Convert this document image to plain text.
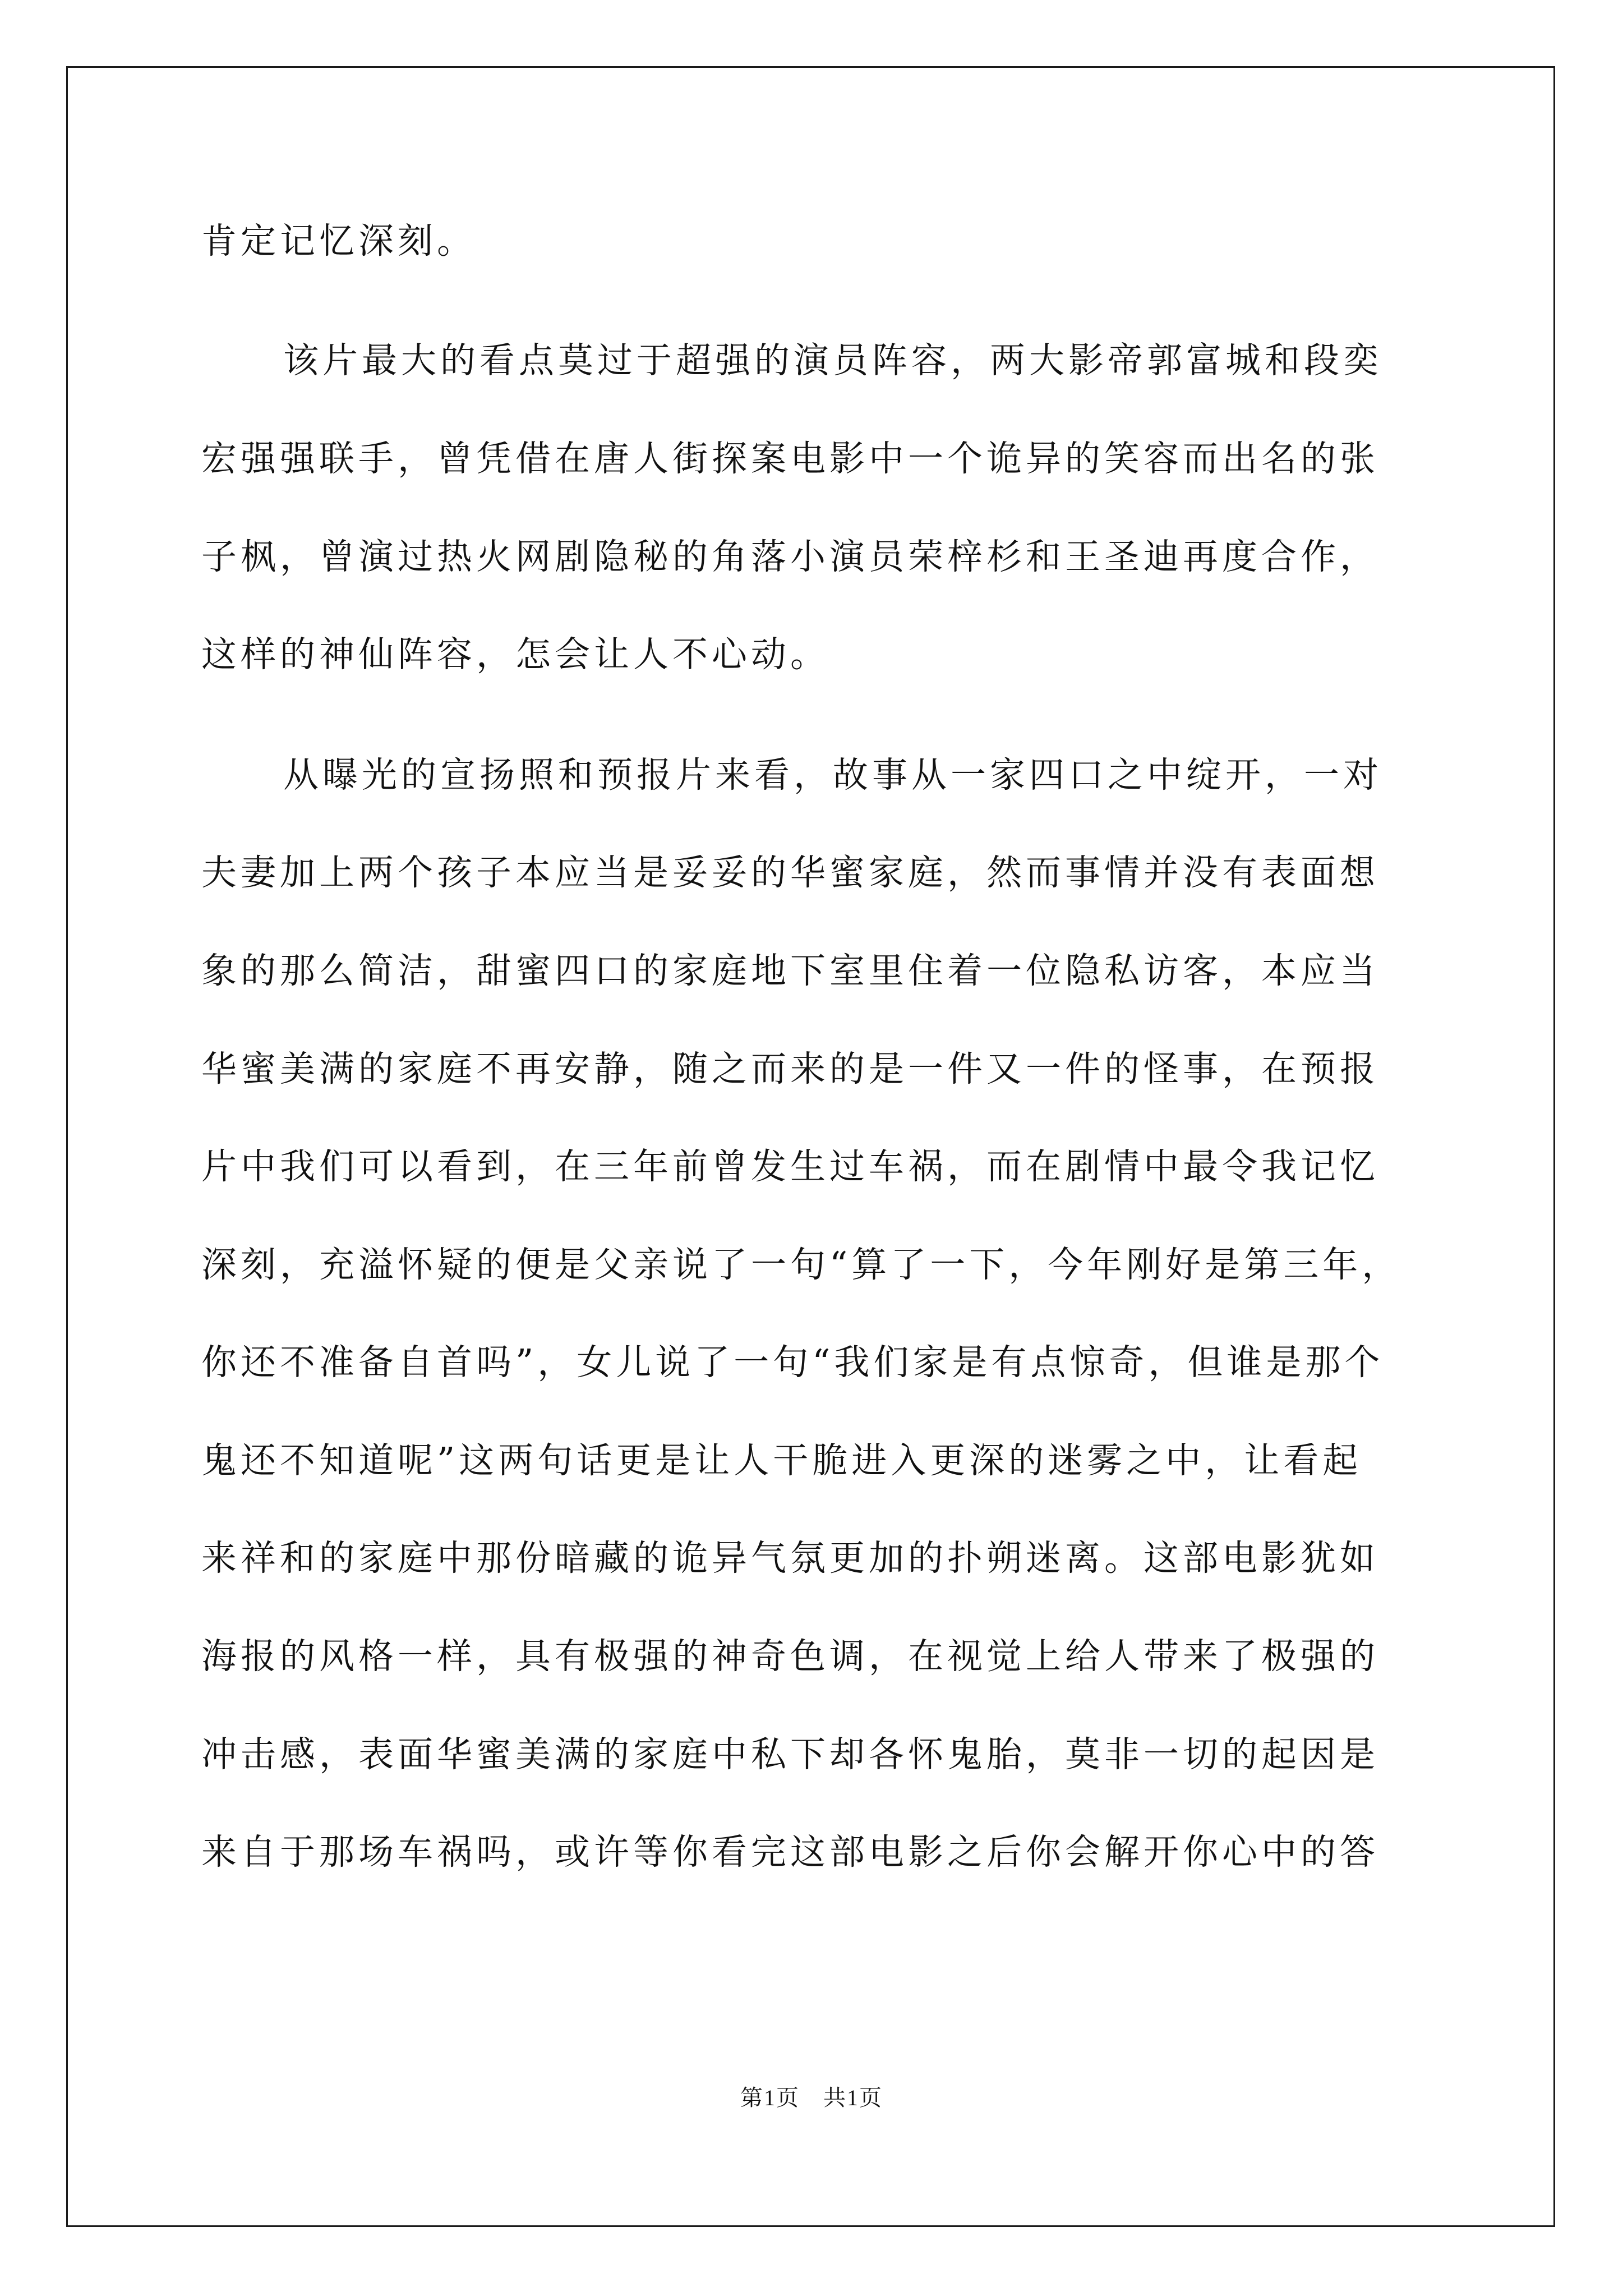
肯定记忆深刻。
该片最大的看点莫过于超强的演员阵容，两大影帝郭富城和段奕
宏强强联手，曾凭借在唐人街探案电影中一个诡异的笑容而出名的张
子枫，曾演过热火网剧隐秘的角落小演员荣梓杉和王圣迪再度合作，
这样的神仙阵容，怎会让人不心动。
从曝光的宣扬照和预报片来看，故事从一家四口之中绽开，一对
夫妻加上两个孩子本应当是妥妥的华蜜家庭，然而事情并没有表面想
象的那么简洁，甜蜜四口的家庭地下室里住着一位隐私访客，本应当
华蜜美满的家庭不再安静，随之而来的是一件又一件的怪事，在预报
片中我们可以看到，在三年前曾发生过车祸，而在剧情中最令我记忆
深刻，充溢怀疑的便是父亲说了一句“算了一下，今年刚好是第三年，
你还不准备自首吗”，女儿说了一句“我们家是有点惊奇，但谁是那个
鬼还不知道呢”这两句话更是让人干脆进入更深的迷雾之中，让看起
来祥和的家庭中那份暗藏的诡异气氛更加的扑朔迷离。这部电影犹如
海报的风格一样，具有极强的神奇色调，在视觉上给人带来了极强的
冲击感，表面华蜜美满的家庭中私下却各怀鬼胎，莫非一切的起因是
来自于那场车祸吗，或许等你看完这部电影之后你会解开你心中的答
第1页　共1页
